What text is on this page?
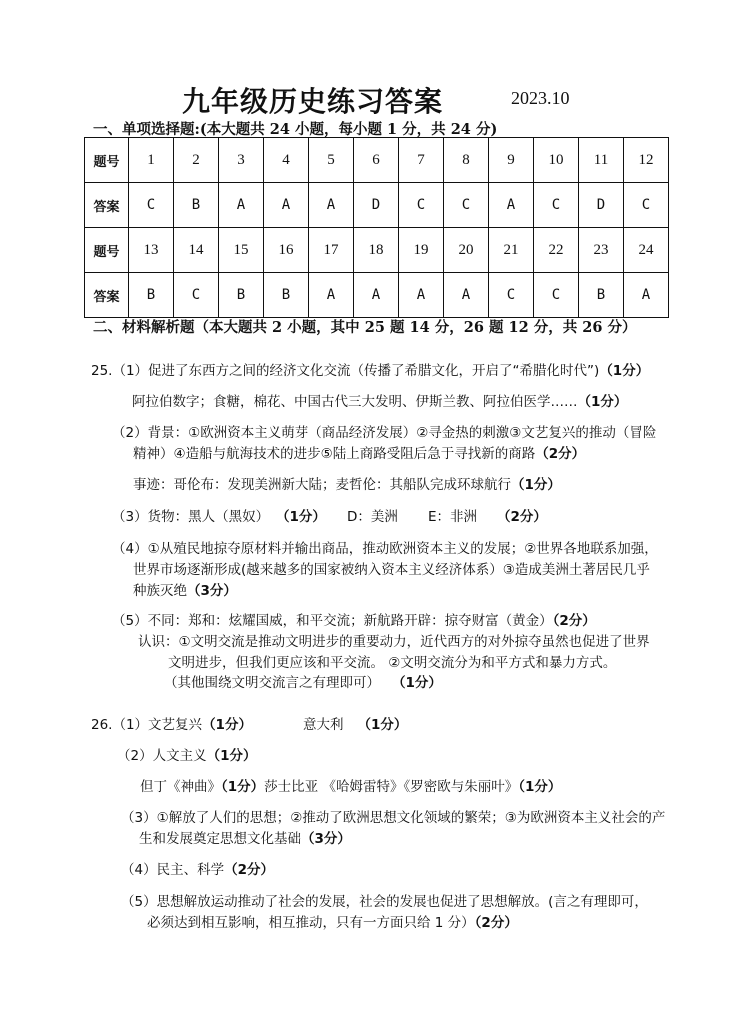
九年级历史练习答案	2023.10
一、单项选择题:(本大题共 24 小题，每小题 1 分，共 24 分)
题号	1	2	3	4	5	6	7	8	9	10	11	12
答案	C	B	A	A	A	D	C	C	A	C	D	C
题号	13	14	15	16	17	18	19	20	21	22	23	24
答案	B	C	B	B	A	A	A	A	C	C	B	A
二、材料解析题（本大题共 2 小题，其中 25 题 14 分，26 题 12 分，共 26 分）
25.（1）促进了东西方之间的经济文化交流（传播了希腊文化，开启了“希腊化时代”)（1分）
阿拉伯数字；食糖，棉花、中国古代三大发明、伊斯兰教、阿拉伯医学……（1分）
（2）背景：①欧洲资本主义萌芽（商品经济发展）②寻金热的刺激③文艺复兴的推动（冒险
精神）④造船与航海技术的进步⑤陆上商路受阻后急于寻找新的商路（2分）
事迹：哥伦布：发现美洲新大陆；麦哲伦：其船队完成环球航行（1分）
（3）货物：黑人（黑奴） （1分） D：美洲 E：非洲 （2分）
（4）①从殖民地掠夺原材料并输出商品，推动欧洲资本主义的发展；②世界各地联系加强，
世界市场逐渐形成(越来越多的国家被纳入资本主义经济体系）③造成美洲土著居民几乎
种族灭绝（3分）
（5）不同：郑和：炫耀国威，和平交流；新航路开辟：掠夺财富（黄金）（2分）
认识：①文明交流是推动文明进步的重要动力，近代西方的对外掠夺虽然也促进了世界
文明进步，但我们更应该和平交流。 ②文明交流分为和平方式和暴力方式。
（其他围绕文明交流言之有理即可） （1分）
26.（1）文艺复兴（1分）	意大利 （1分）
（2）人文主义（1分）
但丁《神曲》（1分）莎士比亚 《哈姆雷特》《罗密欧与朱丽叶》（1分）
（3）①解放了人们的思想；②推动了欧洲思想文化领域的繁荣；③为欧洲资本主义社会的产
生和发展奠定思想文化基础（3分）
（4）民主、科学（2分）
（5）思想解放运动推动了社会的发展，社会的发展也促进了思想解放。(言之有理即可，
必须达到相互影响，相互推动，只有一方面只给 1 分）（2分）
